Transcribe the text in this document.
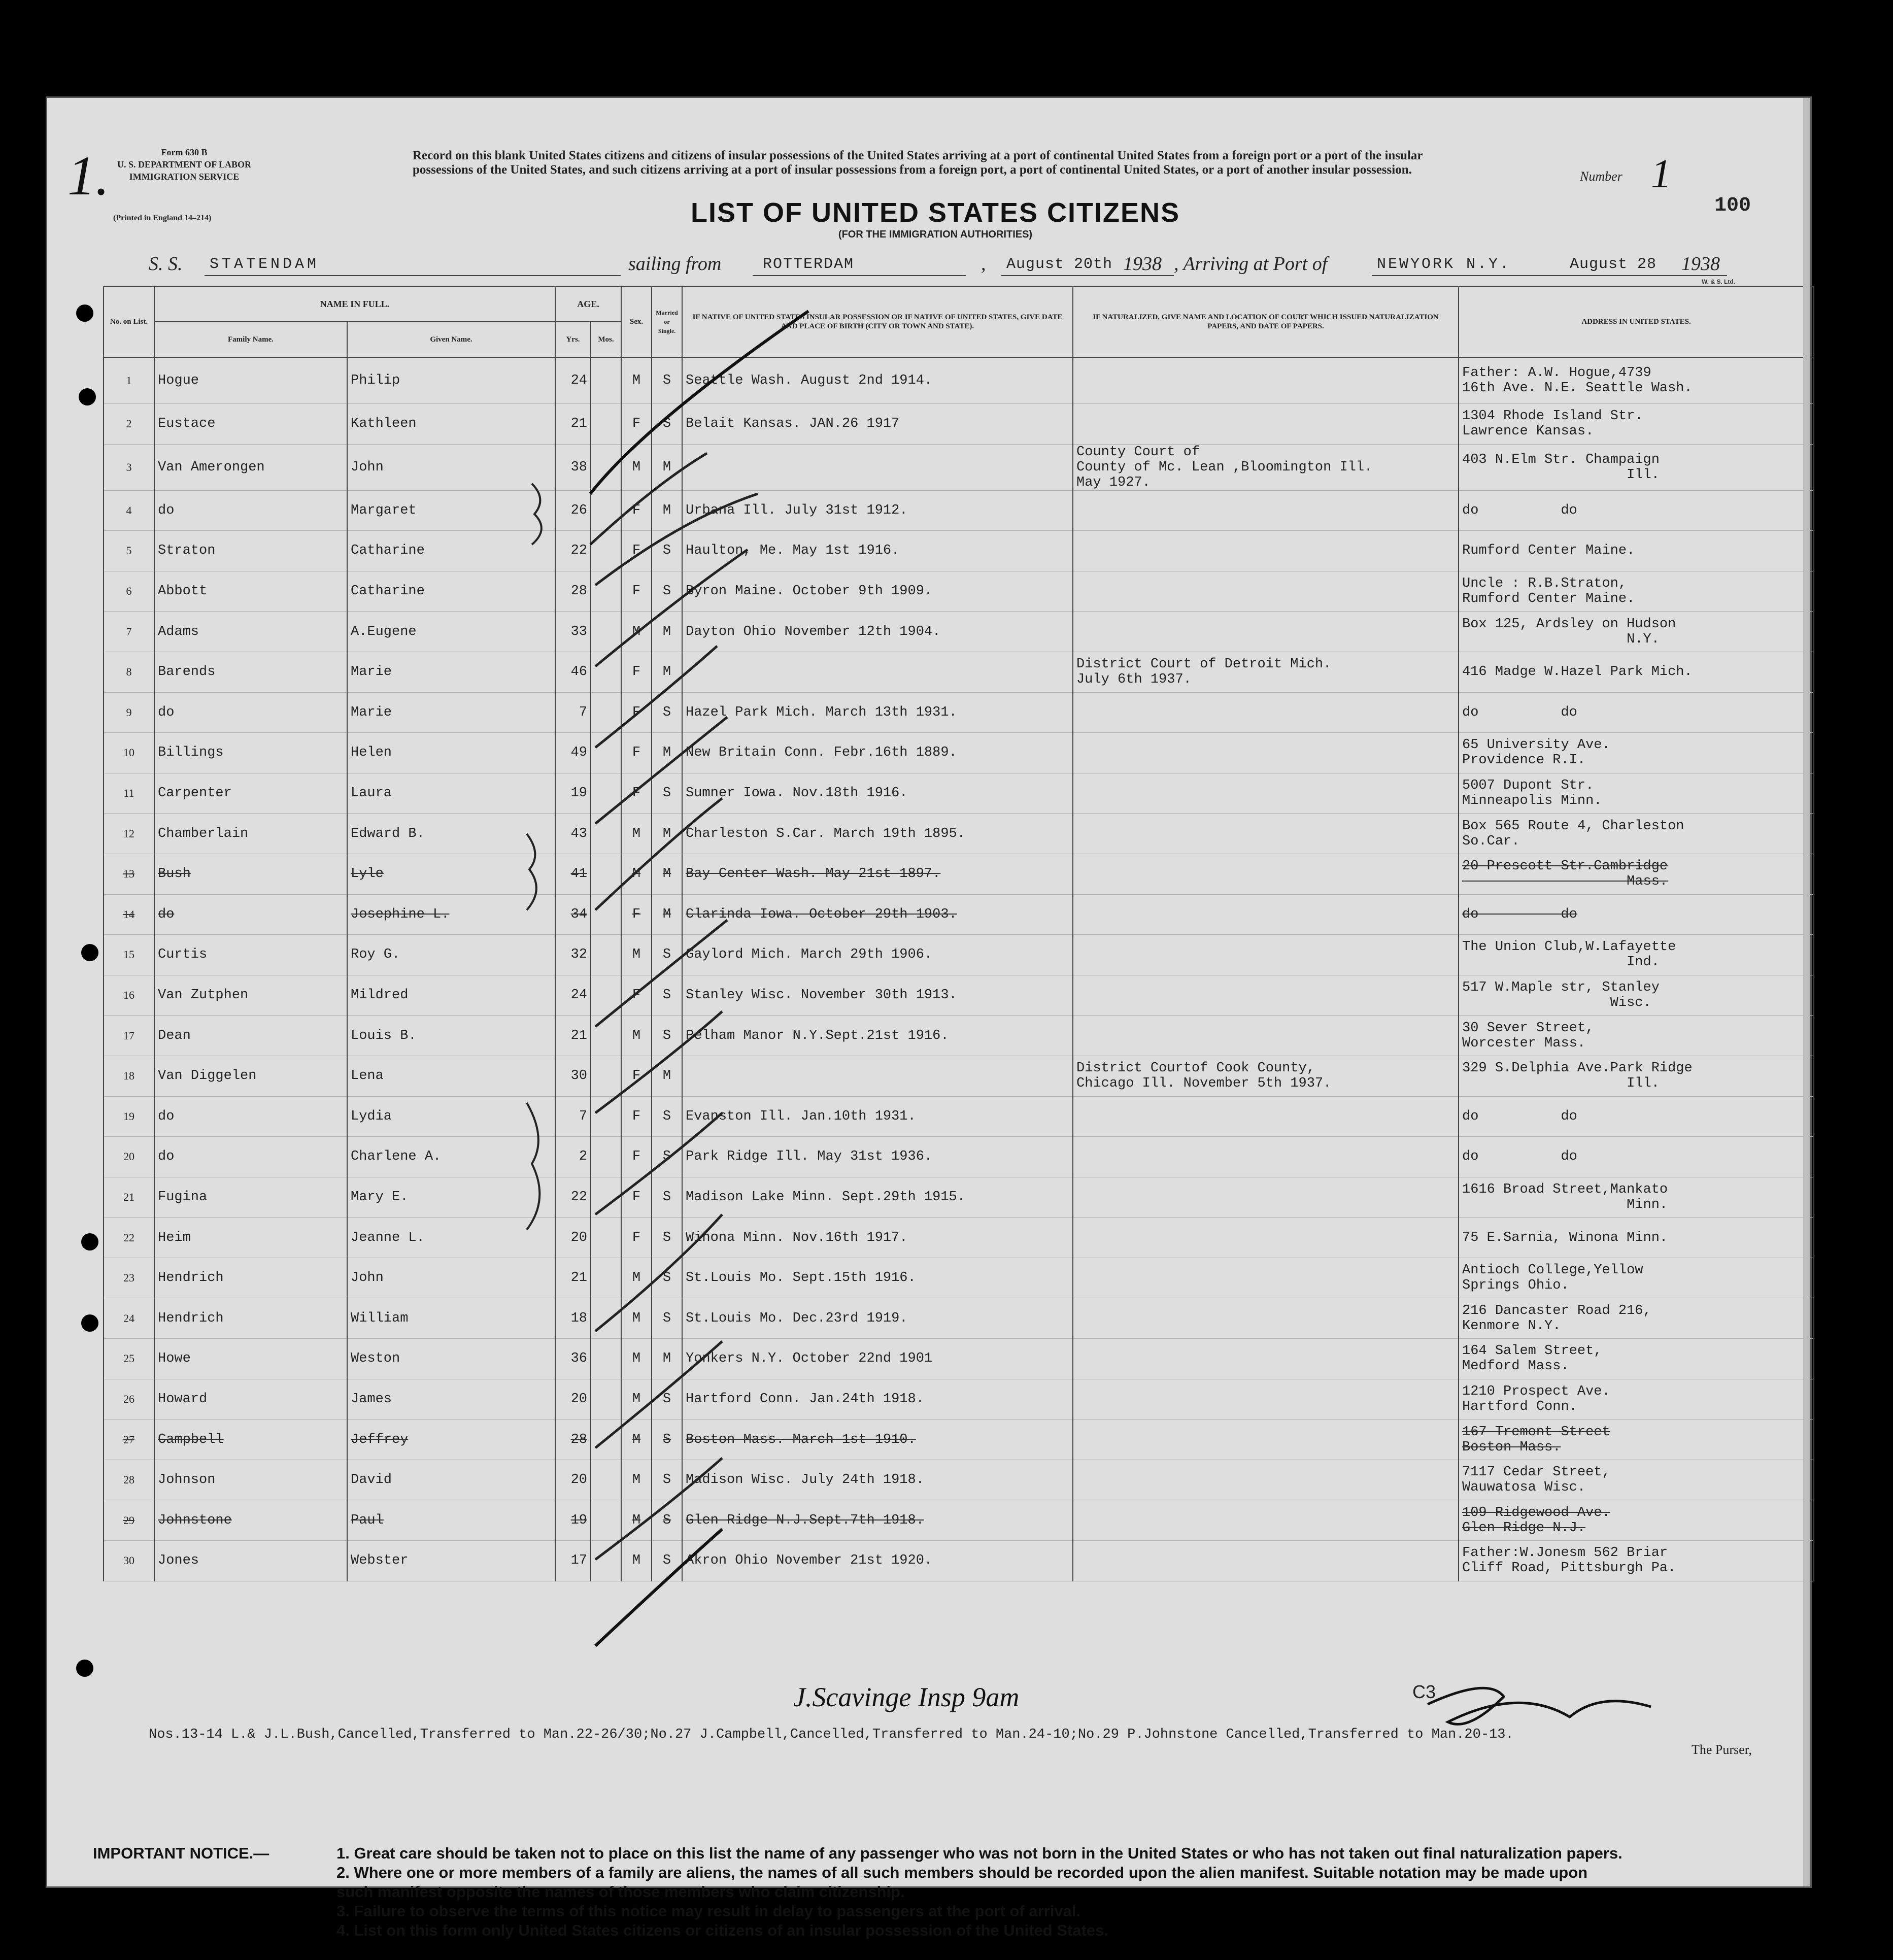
1.	Form 630 B
U. S. DEPARTMENT OF LABOR
IMMIGRATION SERVICE
(Printed in England 14–214)
Record on this blank United States citizens and citizens of insular possessions of the United States arriving at a port of continental United States from a foreign port or a port of the insular possessions of the United States, and such citizens arriving at a port of insular possessions from a foreign port, a port of continental United States, or a port of another insular possession.	Number 1
100
LIST OF UNITED STATES CITIZENS
(FOR THE IMMIGRATION AUTHORITIES)
S. S. STATENDAM	sailing from	ROTTERDAM	, August 20th 1938 , Arriving at Port of	NEWYORK N.Y.	August 28 1938
W. & S. Ltd.
No. on List.	NAME IN FULL.		AGE.		Sex.	Married or Single.	IF NATIVE OF UNITED STATES INSULAR POSSESSION OR IF NATIVE OF UNITED STATES, GIVE DATE AND PLACE OF BIRTH (CITY OR TOWN AND STATE).	IF NATURALIZED, GIVE NAME AND LOCATION OF COURT WHICH ISSUED NATURALIZATION PAPERS, AND DATE OF PAPERS.	ADDRESS IN UNITED STATES.
	Family Name.	Given Name.	Yrs.	Mos.					
1	Hogue	Philip	24		M	S	Seattle Wash. August 2nd 1914.		Father: A.W. Hogue,4739
16th Ave. N.E. Seattle Wash.

2	Eustace	Kathleen	21		F	S	Belait Kansas. JAN.26 1917		1304 Rhode Island Str.
Lawrence Kansas.

3	Van Amerongen	John	38		M	M		County Court of
County of Mc. Lean ,Bloomington Ill.
May 1927.	403 N.Elm Str. Champaign
Ill.

4	do	Margaret	26		F	M	Urbana Ill. July 31st 1912.		do          do

5	Straton	Catharine	22		F	S	Haulton, Me. May 1st 1916.		Rumford Center Maine.

6	Abbott	Catharine	28		F	S	Byron Maine. October 9th 1909.		Uncle : R.B.Straton,
Rumford Center Maine.

7	Adams	A.Eugene	33		M	M	Dayton Ohio November 12th 1904.		Box 125, Ardsley on Hudson
N.Y.

8	Barends	Marie	46		F	M		District Court of Detroit Mich.
July 6th 1937.	416 Madge W.Hazel Park Mich.

9	do	Marie	7		F	S	Hazel Park Mich. March 13th 1931.		do          do

10	Billings	Helen	49		F	M	New Britain Conn. Febr.16th 1889.		65 University Ave.
Providence R.I.

11	Carpenter	Laura	19		F	S	Sumner Iowa. Nov.18th 1916.		5007 Dupont Str.
Minneapolis Minn.

12	Chamberlain	Edward B.	43		M	M	Charleston S.Car. March 19th 1895.		Box 565 Route 4, Charleston
So.Car.

13	Bush	Lyle	41		M	M	Bay Center Wash. May 21st 1897.		20 Prescott Str.Cambridge
Mass.

14	do	Josephine L.	34		F	M	Clarinda Iowa. October 29th 1903.		do          do

15	Curtis	Roy G.	32		M	S	Gaylord Mich. March 29th 1906.		The Union Club,W.Lafayette
Ind.

16	Van Zutphen	Mildred	24		F	S	Stanley Wisc. November 30th 1913.		517 W.Maple str, Stanley
Wisc.

17	Dean	Louis B.	21		M	S	Pelham Manor N.Y.Sept.21st 1916.		30 Sever Street,
Worcester Mass.

18	Van Diggelen	Lena	30		F	M		District Courtof Cook County,
Chicago Ill. November 5th 1937.	329 S.Delphia Ave.Park Ridge
Ill.

19	do	Lydia	7		F	S	Evanston Ill. Jan.10th 1931.		do          do

20	do	Charlene A.	2		F	S	Park Ridge Ill. May 31st 1936.		do          do

21	Fugina	Mary E.	22		F	S	Madison Lake Minn. Sept.29th 1915.		1616 Broad Street,Mankato
Minn.

22	Heim	Jeanne L.	20		F	S	Winona Minn. Nov.16th 1917.		75 E.Sarnia, Winona Minn.

23	Hendrich	John	21		M	S	St.Louis Mo. Sept.15th 1916.		Antioch College,Yellow
Springs Ohio.

24	Hendrich	William	18		M	S	St.Louis Mo. Dec.23rd 1919.		216 Dancaster Road 216,
Kenmore N.Y.

25	Howe	Weston	36		M	M	Yonkers N.Y. October 22nd 1901		164 Salem Street,
Medford Mass.

26	Howard	James	20		M	S	Hartford Conn. Jan.24th 1918.		1210 Prospect Ave.
Hartford Conn.

27	Campbell	Jeffrey	28		M	S	Boston Mass. March 1st 1910.		167 Tremont Street
Boston Mass.

28	Johnson	David	20		M	S	Madison Wisc. July 24th 1918.		7117 Cedar Street,
Wauwatosa Wisc.

29	Johnstone	Paul	19		M	S	Glen Ridge N.J.Sept.7th 1918.		109 Ridgewood Ave.
Glen Ridge N.J.

30	Jones	Webster	17		M	S	Akron Ohio November 21st 1920.		Father:W.Jonesm 562 Briar
Cliff Road, Pittsburgh Pa.
J.Scavinge Insp 9am	C3
Nos.13-14 L.& J.L.Bush,Cancelled,Transferred to Man.22-26/30;No.27 J.Campbell,Cancelled,Transferred to Man.24-10;No.29 P.Johnstone Cancelled,Transferred to Man.20-13.
The Purser,
IMPORTANT NOTICE.—	1. Great care should be taken not to place on this list the name of any passenger who was not born in the United States or who has not taken out final naturalization papers.
2. Where one or more members of a family are aliens, the names of all such members should be recorded upon the alien manifest. Suitable notation may be made upon
such manifest opposite the names of those members who claim citizenship.
3. Failure to observe the terms of this notice may result in delay to passengers at the port of arrival.
4. List on this form only United States citizens or citizens of an insular possession of the United States.
